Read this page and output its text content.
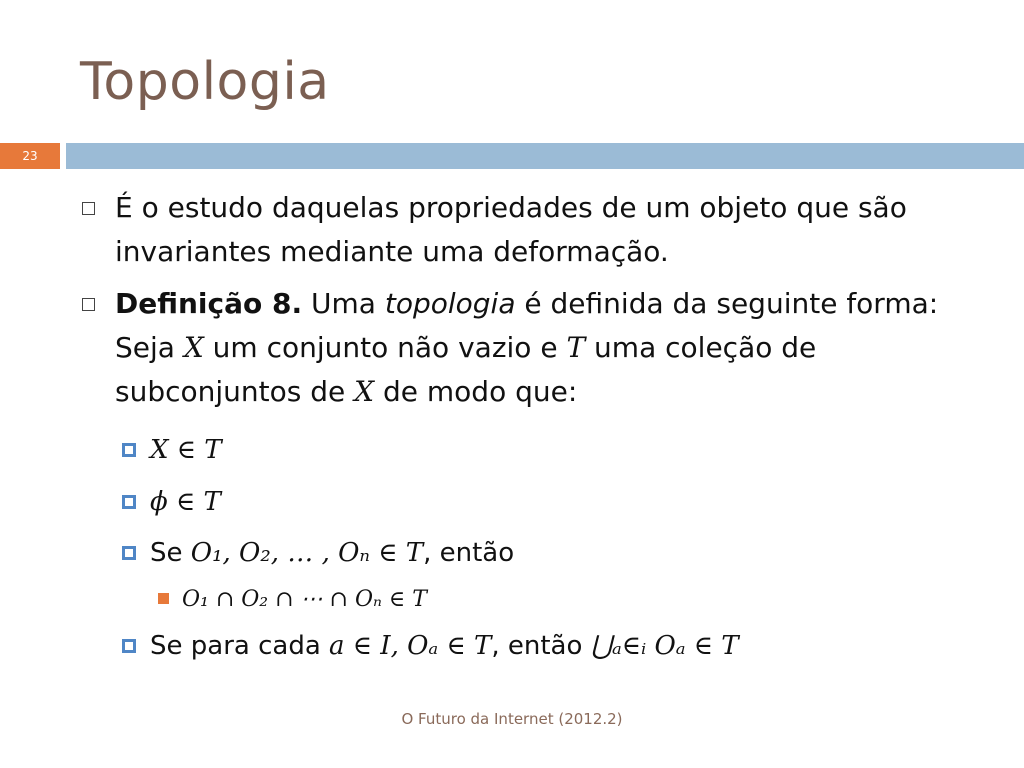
Topologia
23
É o estudo daquelas propriedades de um objeto que são invariantes mediante uma deformação.
Definição 8. Uma topologia é definida da seguinte forma: Seja X um conjunto não vazio e T uma coleção de subconjuntos de X de modo que:
X ∈ T
ϕ ∈ T
Se O₁, O₂, … , Oₙ ∈ T, então
O₁ ∩ O₂ ∩ ⋯ ∩ Oₙ ∈ T
Se para cada a ∈ I, Oₐ ∈ T, então ⋃ₐ∈ᵢ Oₐ ∈ T
O Futuro da Internet (2012.2)
